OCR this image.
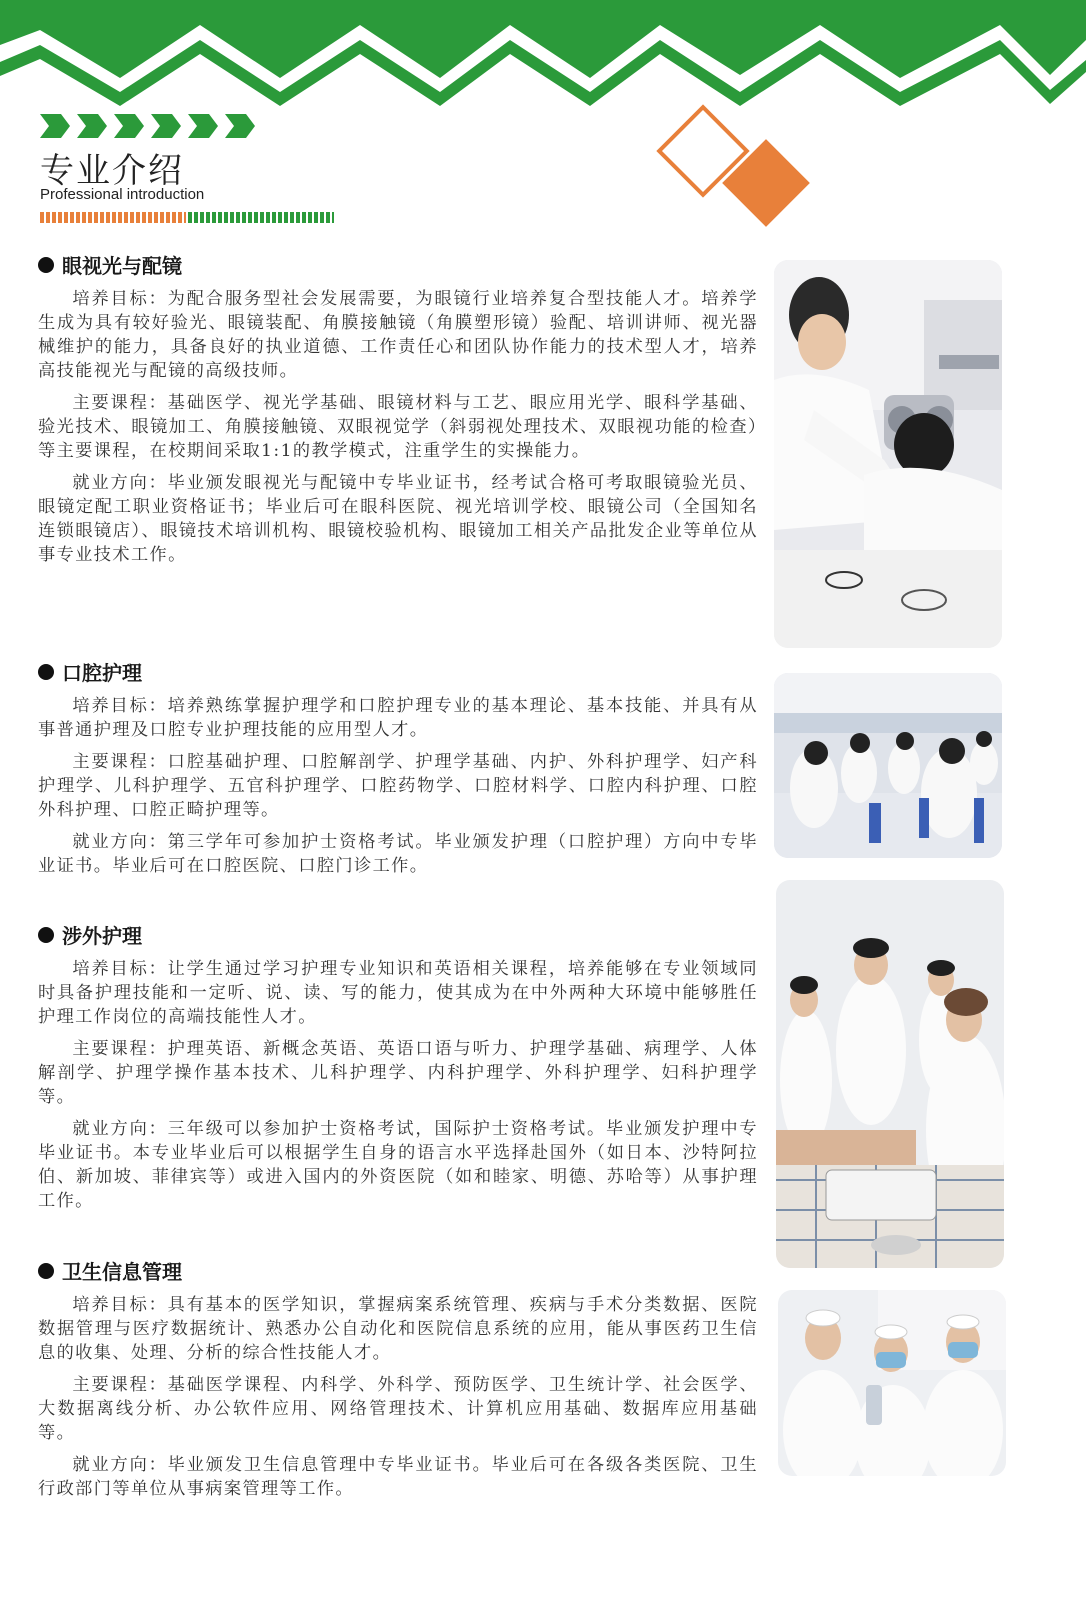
专业介绍
Professional introduction
眼视光与配镜

培养目标：为配合服务型社会发展需要，为眼镜行业培养复合型技能人才。培养学生成为具有较好验光、眼镜装配、角膜接触镜（角膜塑形镜）验配、培训讲师、视光器械维护的能力，具备良好的执业道德、工作责任心和团队协作能力的技术型人才，培养高技能视光与配镜的高级技师。

主要课程：基础医学、视光学基础、眼镜材料与工艺、眼应用光学、眼科学基础、验光技术、眼镜加工、角膜接触镜、双眼视觉学（斜弱视处理技术、双眼视功能的检查）等主要课程，在校期间采取1:1的教学模式，注重学生的实操能力。

就业方向：毕业颁发眼视光与配镜中专毕业证书，经考试合格可考取眼镜验光员、眼镜定配工职业资格证书；毕业后可在眼科医院、视光培训学校、眼镜公司（全国知名连锁眼镜店）、眼镜技术培训机构、眼镜校验机构、眼镜加工相关产品批发企业等单位从事专业技术工作。

口腔护理

培养目标：培养熟练掌握护理学和口腔护理专业的基本理论、基本技能、并具有从事普通护理及口腔专业护理技能的应用型人才。

主要课程：口腔基础护理、口腔解剖学、护理学基础、内护、外科护理学、妇产科护理学、儿科护理学、五官科护理学、口腔药物学、口腔材料学、口腔内科护理、口腔外科护理、口腔正畸护理等。

就业方向：第三学年可参加护士资格考试。毕业颁发护理（口腔护理）方向中专毕业证书。毕业后可在口腔医院、口腔门诊工作。

涉外护理

培养目标：让学生通过学习护理专业知识和英语相关课程，培养能够在专业领域同时具备护理技能和一定听、说、读、写的能力，使其成为在中外两种大环境中能够胜任护理工作岗位的高端技能性人才。

主要课程：护理英语、新概念英语、英语口语与听力、护理学基础、病理学、人体解剖学、护理学操作基本技术、儿科护理学、内科护理学、外科护理学、妇科护理学等。

就业方向：三年级可以参加护士资格考试，国际护士资格考试。毕业颁发护理中专毕业证书。本专业毕业后可以根据学生自身的语言水平选择赴国外（如日本、沙特阿拉伯、新加坡、菲律宾等）或进入国内的外资医院（如和睦家、明德、苏哈等）从事护理工作。

卫生信息管理

培养目标：具有基本的医学知识，掌握病案系统管理、疾病与手术分类数据、医院数据管理与医疗数据统计、熟悉办公自动化和医院信息系统的应用，能从事医药卫生信息的收集、处理、分析的综合性技能人才。

主要课程：基础医学课程、内科学、外科学、预防医学、卫生统计学、社会医学、大数据离线分析、办公软件应用、网络管理技术、计算机应用基础、数据库应用基础等。

就业方向：毕业颁发卫生信息管理中专毕业证书。毕业后可在各级各类医院、卫生行政部门等单位从事病案管理等工作。
